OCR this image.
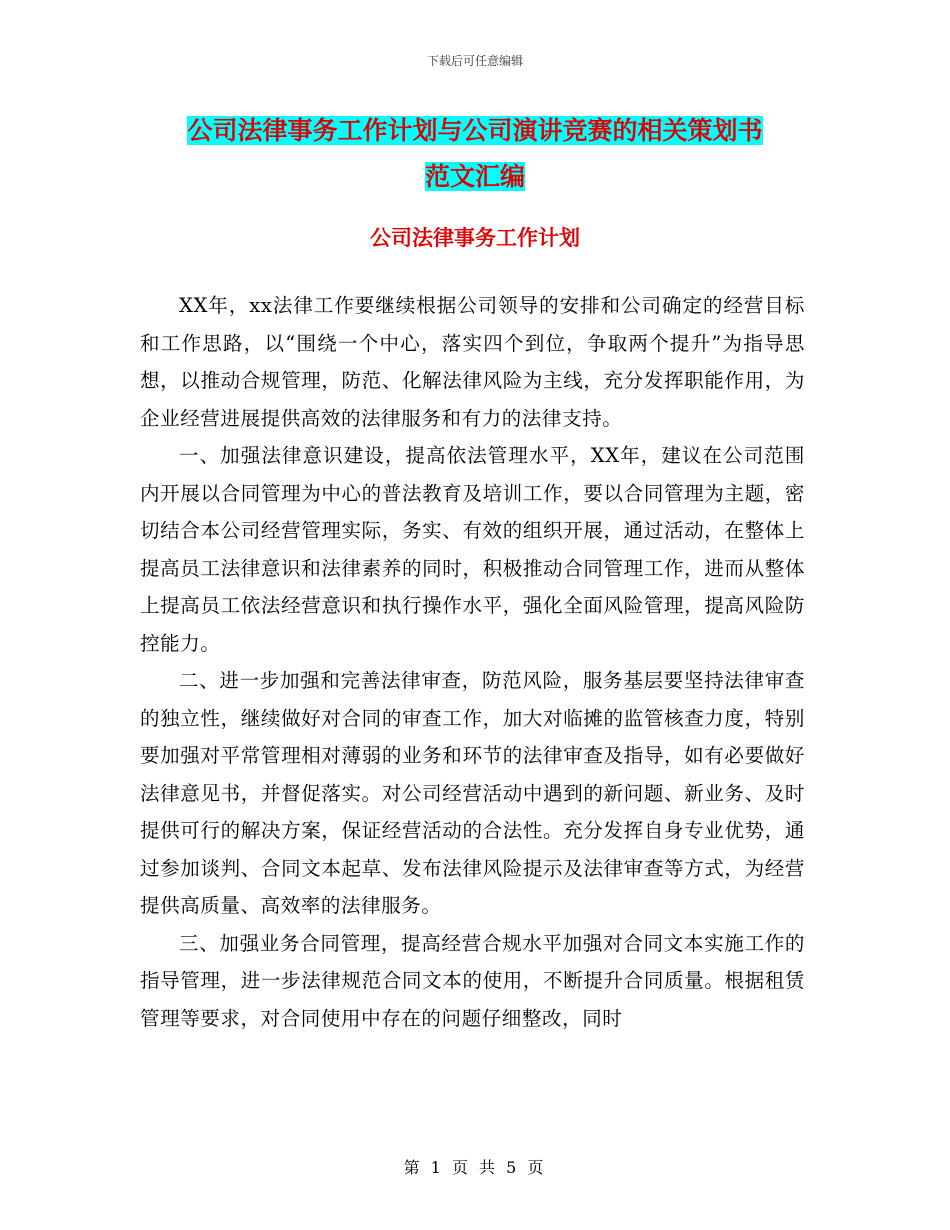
下载后可任意编辑
公司法律事务工作计划与公司演讲竞赛的相关策划书
范文汇编
公司法律事务工作计划

XX年，xx法律工作要继续根据公司领导的安排和公司确定的经营目标和工作思路，以“围绕一个中心，落实四个到位，争取两个提升”为指导思想，以推动合规管理，防范、化解法律风险为主线，充分发挥职能作用，为企业经营进展提供高效的法律服务和有力的法律支持。

一、加强法律意识建设，提高依法管理水平，XX年，建议在公司范围内开展以合同管理为中心的普法教育及培训工作，要以合同管理为主题，密切结合本公司经营管理实际，务实、有效的组织开展，通过活动，在整体上提高员工法律意识和法律素养的同时，积极推动合同管理工作，进而从整体上提高员工依法经营意识和执行操作水平，强化全面风险管理，提高风险防控能力。

二、进一步加强和完善法律审查，防范风险，服务基层要坚持法律审查的独立性，继续做好对合同的审查工作，加大对临摊的监管核查力度，特别要加强对平常管理相对薄弱的业务和环节的法律审查及指导，如有必要做好法律意见书，并督促落实。对公司经营活动中遇到的新问题、新业务、及时提供可行的解决方案，保证经营活动的合法性。充分发挥自身专业优势，通过参加谈判、合同文本起草、发布法律风险提示及法律审查等方式，为经营提供高质量、高效率的法律服务。

三、加强业务合同管理，提高经营合规水平加强对合同文本实施工作的指导管理，进一步法律规范合同文本的使用，不断提升合同质量。根据租赁管理等要求，对合同使用中存在的问题仔细整改，同时

第 1 页 共 5 页
